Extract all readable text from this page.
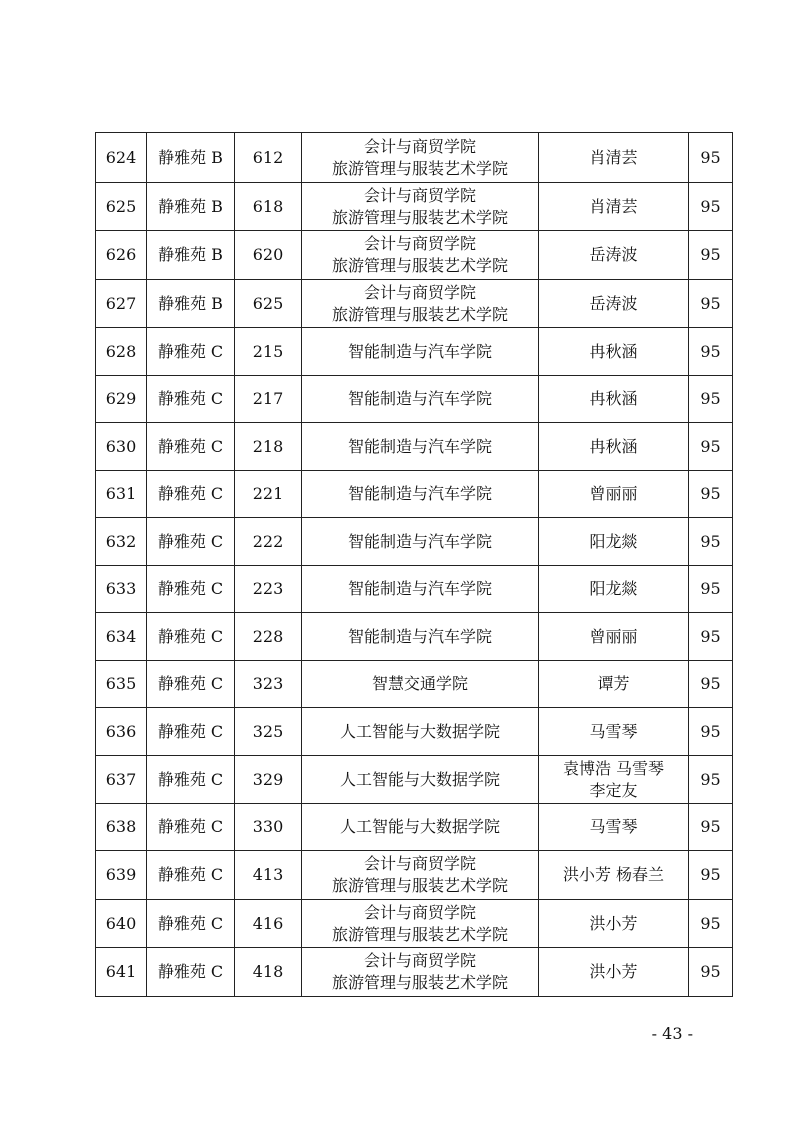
624	静雅苑 B	612	会计与商贸学院
旅游管理与服装艺术学院	肖清芸	95

625	静雅苑 B	618	会计与商贸学院
旅游管理与服装艺术学院	肖清芸	95

626	静雅苑 B	620	会计与商贸学院
旅游管理与服装艺术学院	岳涛波	95

627	静雅苑 B	625	会计与商贸学院
旅游管理与服装艺术学院	岳涛波	95

628	静雅苑 C	215	智能制造与汽车学院	冉秋涵	95

629	静雅苑 C	217	智能制造与汽车学院	冉秋涵	95

630	静雅苑 C	218	智能制造与汽车学院	冉秋涵	95

631	静雅苑 C	221	智能制造与汽车学院	曾丽丽	95

632	静雅苑 C	222	智能制造与汽车学院	阳龙燚	95

633	静雅苑 C	223	智能制造与汽车学院	阳龙燚	95

634	静雅苑 C	228	智能制造与汽车学院	曾丽丽	95

635	静雅苑 C	323	智慧交通学院	谭芳	95

636	静雅苑 C	325	人工智能与大数据学院	马雪琴	95

637	静雅苑 C	329	人工智能与大数据学院	袁博浩 马雪琴
李定友	95

638	静雅苑 C	330	人工智能与大数据学院	马雪琴	95

639	静雅苑 C	413	会计与商贸学院
旅游管理与服装艺术学院	洪小芳 杨春兰	95

640	静雅苑 C	416	会计与商贸学院
旅游管理与服装艺术学院	洪小芳	95

641	静雅苑 C	418	会计与商贸学院
旅游管理与服装艺术学院	洪小芳	95
- 43 -
